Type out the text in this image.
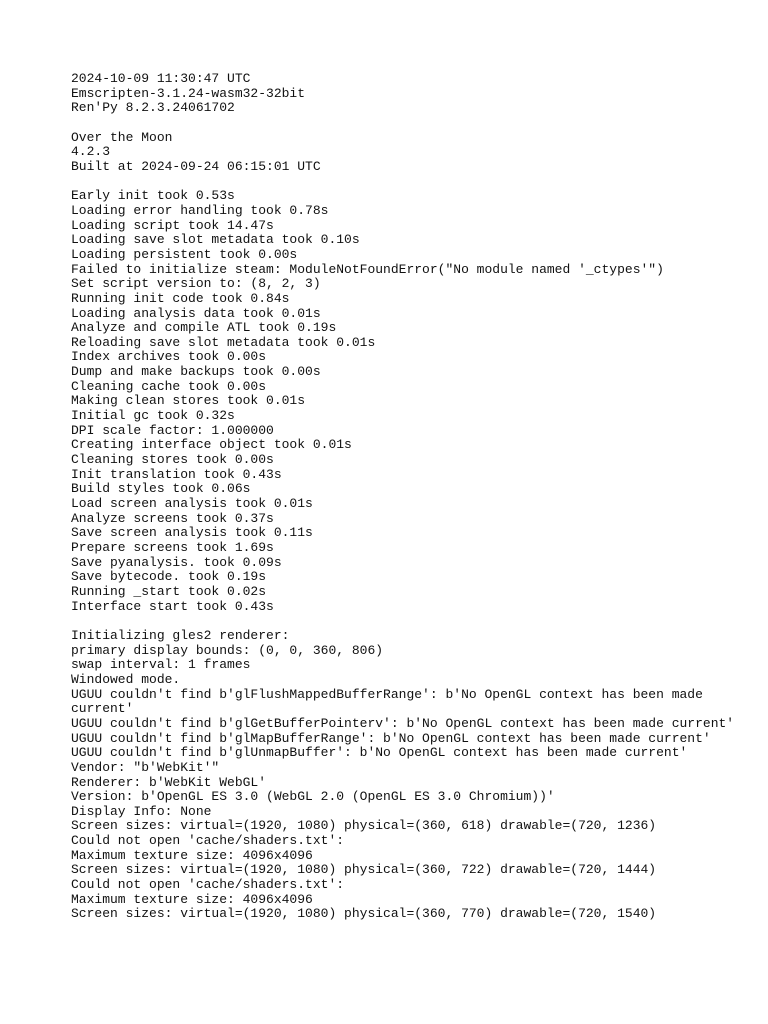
2024-10-09 11:30:47 UTC
Emscripten-3.1.24-wasm32-32bit
Ren'Py 8.2.3.24061702
Over the Moon
4.2.3
Built at 2024-09-24 06:15:01 UTC
Early init took 0.53s
Loading error handling took 0.78s
Loading script took 14.47s
Loading save slot metadata took 0.10s
Loading persistent took 0.00s
Failed to initialize steam: ModuleNotFoundError("No module named '_ctypes'")
Set script version to: (8, 2, 3)
Running init code took 0.84s
Loading analysis data took 0.01s
Analyze and compile ATL took 0.19s
Reloading save slot metadata took 0.01s
Index archives took 0.00s
Dump and make backups took 0.00s
Cleaning cache took 0.00s
Making clean stores took 0.01s
Initial gc took 0.32s
DPI scale factor: 1.000000
Creating interface object took 0.01s
Cleaning stores took 0.00s
Init translation took 0.43s
Build styles took 0.06s
Load screen analysis took 0.01s
Analyze screens took 0.37s
Save screen analysis took 0.11s
Prepare screens took 1.69s
Save pyanalysis. took 0.09s
Save bytecode. took 0.19s
Running _start took 0.02s
Interface start took 0.43s
Initializing gles2 renderer:
primary display bounds: (0, 0, 360, 806)
swap interval: 1 frames
Windowed mode.
UGUU couldn't find b'glFlushMappedBufferRange': b'No OpenGL context has been made current'
UGUU couldn't find b'glGetBufferPointerv': b'No OpenGL context has been made current'
UGUU couldn't find b'glMapBufferRange': b'No OpenGL context has been made current'
UGUU couldn't find b'glUnmapBuffer': b'No OpenGL context has been made current'
Vendor: "b'WebKit'"
Renderer: b'WebKit WebGL'
Version: b'OpenGL ES 3.0 (WebGL 2.0 (OpenGL ES 3.0 Chromium))'
Display Info: None
Screen sizes: virtual=(1920, 1080) physical=(360, 618) drawable=(720, 1236)
Could not open 'cache/shaders.txt':
Maximum texture size: 4096x4096
Screen sizes: virtual=(1920, 1080) physical=(360, 722) drawable=(720, 1444)
Could not open 'cache/shaders.txt':
Maximum texture size: 4096x4096
Screen sizes: virtual=(1920, 1080) physical=(360, 770) drawable=(720, 1540)
